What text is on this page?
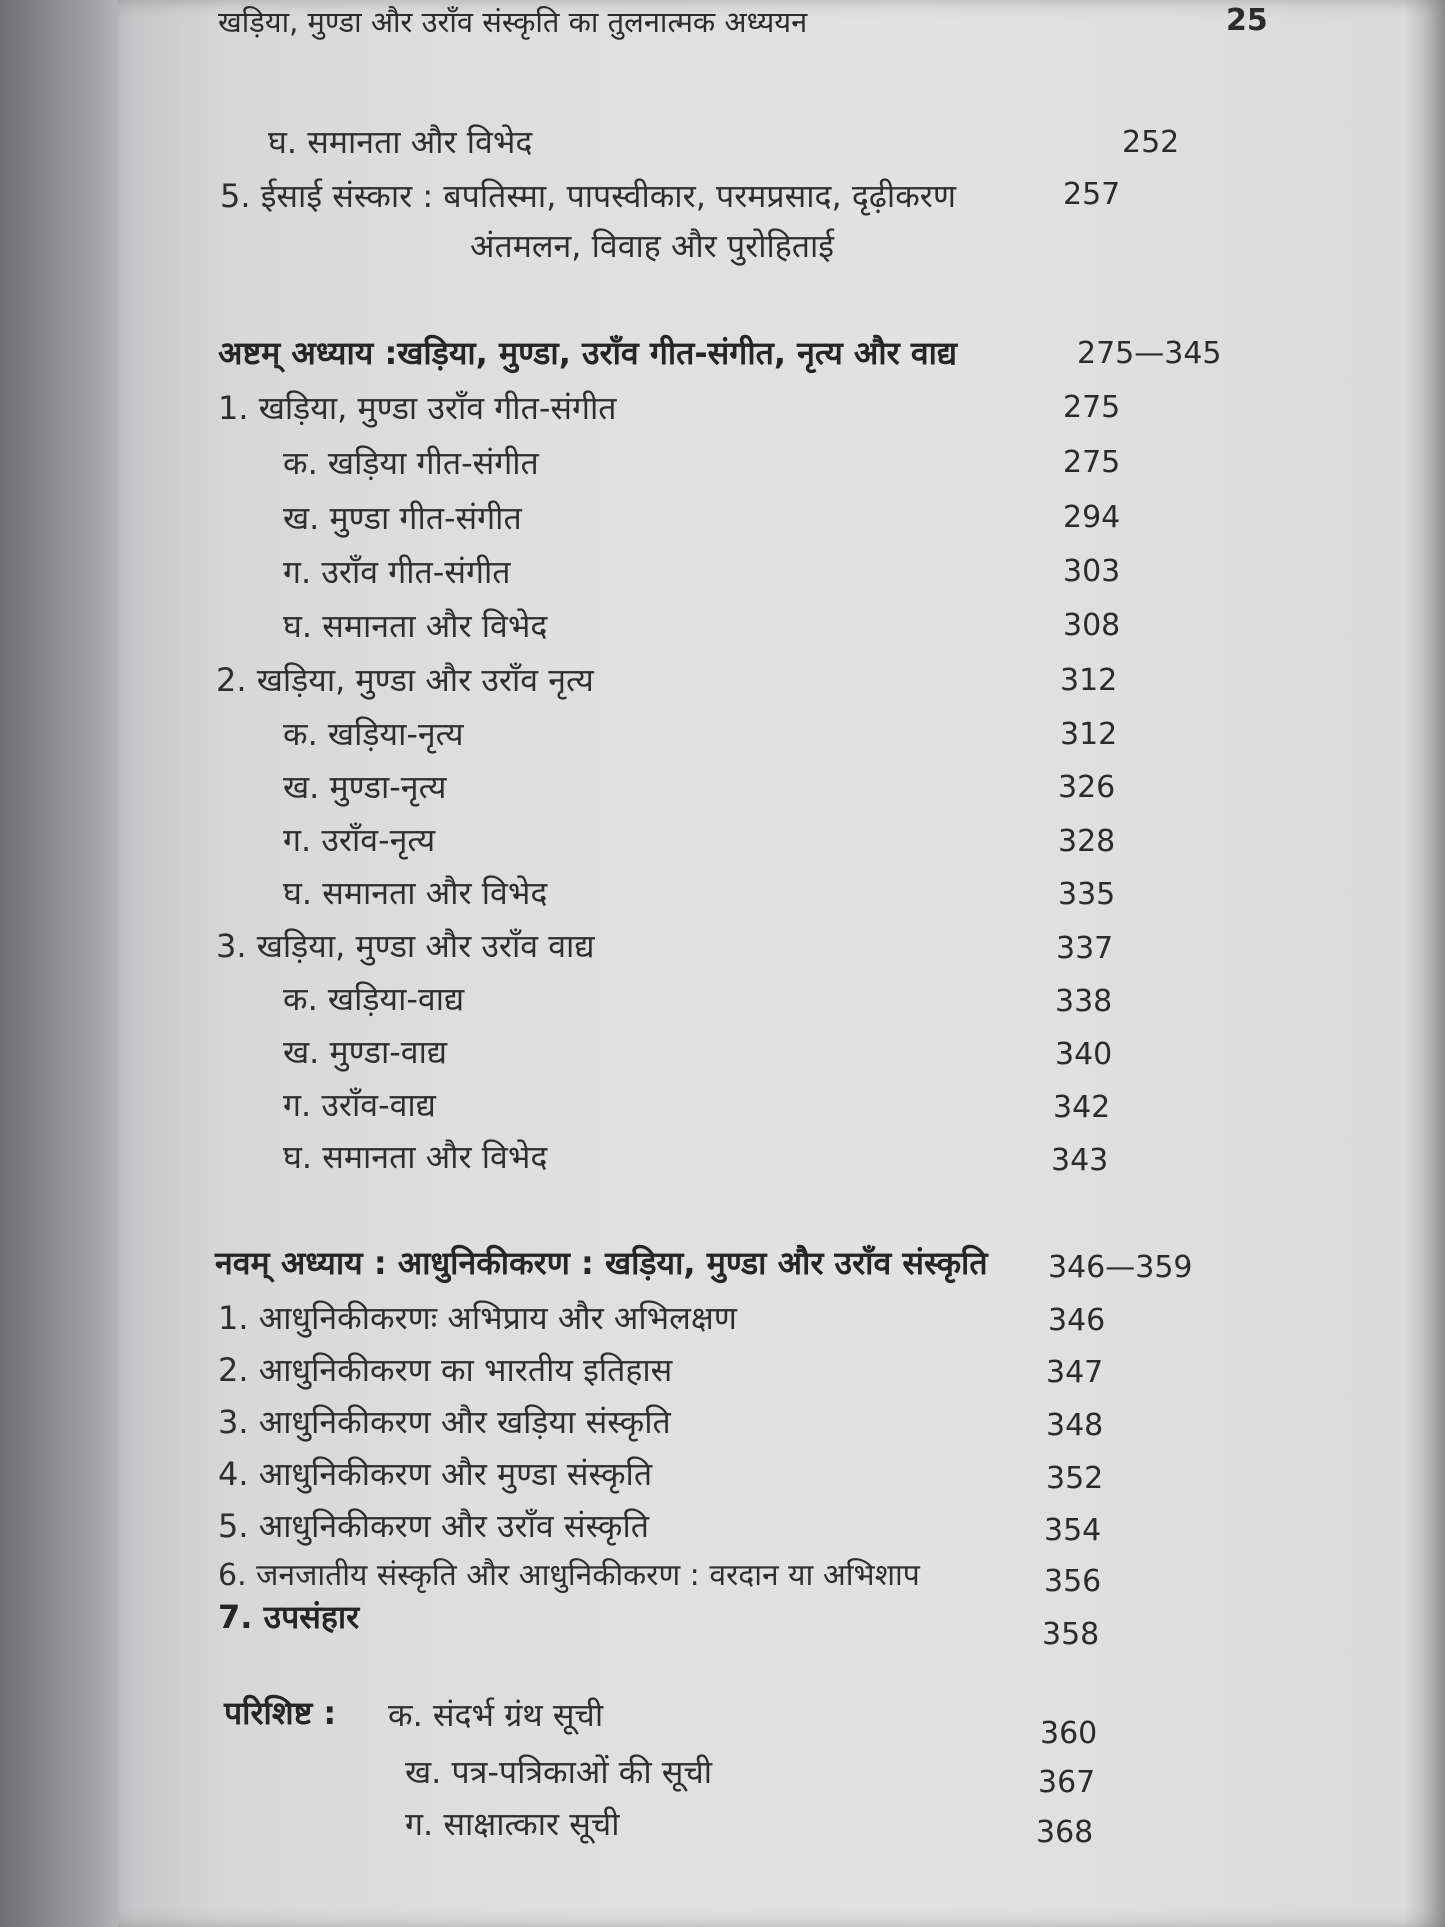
खड़िया, मुण्डा और उराँव संस्कृति का तुलनात्मक अध्ययन	25
घ. समानता और विभेद	252
5. ईसाई संस्कार : बपतिस्मा, पापस्वीकार, परमप्रसाद, दृढ़ीकरण	257
अंतमलन, विवाह और पुरोहिताई
अष्टम् अध्याय :खड़िया, मुण्डा, उराँव गीत-संगीत, नृत्य और वाद्य	275—345
1. खड़िया, मुण्डा उराँव गीत-संगीत	275
क. खड़िया गीत-संगीत	275
ख. मुण्डा गीत-संगीत	294
ग. उराँव गीत-संगीत	303
घ. समानता और विभेद	308
2. खड़िया, मुण्डा और उराँव नृत्य	312
क. खड़िया-नृत्य	312
ख. मुण्डा-नृत्य	326
ग. उराँव-नृत्य	328
घ. समानता और विभेद	335
3. खड़िया, मुण्डा और उराँव वाद्य	337
क. खड़िया-वाद्य	338
ख. मुण्डा-वाद्य	340
ग. उराँव-वाद्य	342
घ. समानता और विभेद	343
नवम् अध्याय : आधुनिकीकरण : खड़िया, मुण्डा और उराँव संस्कृति 346—359
1. आधुनिकीकरणः अभिप्राय और अभिलक्षण	346
2. आधुनिकीकरण का भारतीय इतिहास	347
3. आधुनिकीकरण और खड़िया संस्कृति	348
4. आधुनिकीकरण और मुण्डा संस्कृति	352
5. आधुनिकीकरण और उराँव संस्कृति	354
6. जनजातीय संस्कृति और आधुनिकीकरण : वरदान या अभिशाप	356
7. उपसंहार	358
परिशिष्ट : क. संदर्भ ग्रंथ सूची	360
ख. पत्र-पत्रिकाओं की सूची	367
ग. साक्षात्कार सूची	368
